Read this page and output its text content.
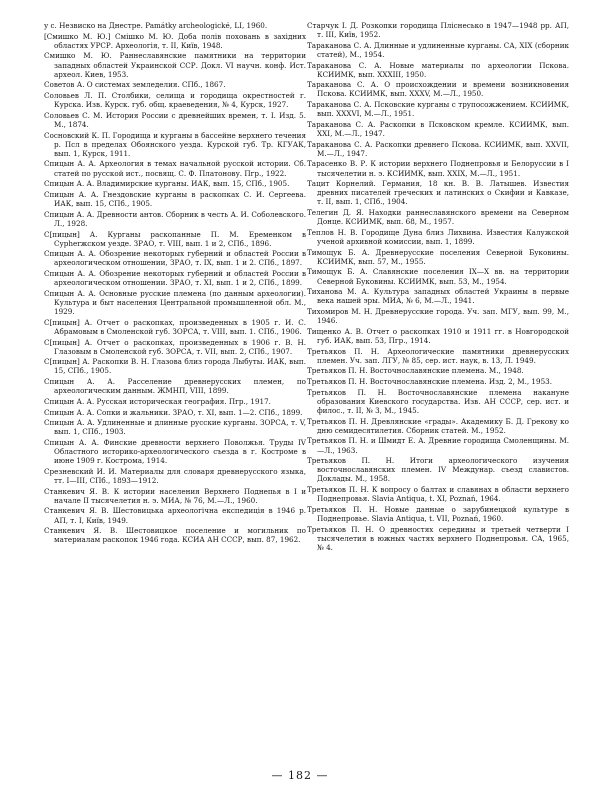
у с. Незвиско на Днестре. Památky archeologické, LI, 1960.

[Смишко М. Ю.] Смiшко М. Ю. Доба полiв поховань в захiдних областях УРСР. Археологiя, т. II, Київ, 1948.

Смишко М. Ю. Раннеславянские памятники на территории западных областей Украинской ССР. Докл. VI научн. конф. Ист. археол. Киев, 1953.

Советов А. О системах земледелия. СПб., 1867.

Соловьев Л. П. Столбики, селища и городища окрестностей г. Курска. Изв. Курск. губ. общ. краеведения, № 4, Курск, 1927.

Соловьев С. М. История России с древнейших времен, т. I. Изд. 5. М., 1874.

Сосновский К. П. Городища и курганы в бассейне верхнего течения р. Псл в пределах Обоянского уезда. Курской губ. Тр. КГУАК, вып. 1, Курск, 1911.

Спицын А. А. Археология в темах начальной русской истории. Сб. статей по русской ист., посвящ. С. Ф. Платонову. Пгр., 1922.

Спицын А. А. Владимирские курганы. ИАК, вып. 15, СПб., 1905.

Спицын А. А. Гнездовские курганы в раскопках С. И. Сергеева. ИАК, вып. 15, СПб., 1905.

Спицын А. А. Древности антов. Сборник в честь А. И. Соболевского. Л., 1928.

С[пицын] А. Курганы раскопанные П. М. Еременком в Сурherжском уезде. ЗРАО, т. VIII, вып. 1 и 2, СПб., 1896.

Спицын А. А. Обозрение некоторых губерний и областей России в археологическом отношении, ЗРАО, т. IX, вып. 1 и 2. СПб., 1897.

Спицын А. А. Обозрение некоторых губерний и областей России в археологическом отношении. ЗРАО, т. XI, вып. 1 и 2, СПб., 1899.

Спицын А. А. Основные русские племена (по данным археологии). Культура и быт населения Центральной промышленной обл. М., 1929.

С[пицын] А. Отчет о раскопках, произведенных в 1905 г. И. С. Абрамовым в Смоленской губ. ЗОРСА, т. VIII, вып. 1. СПб., 1906.

С[пицын] А. Отчет о раскопках, произведенных в 1906 г. В. Н. Глазовым в Смоленской губ. ЗОРСА, т. VII, вып. 2, СПб., 1907.

С[пицын] А. Раскопки В. Н. Глазова близ города Лыбуты. ИАК, вып. 15, СПб., 1905.

Спицын А. А. Расселение древнерусских племен, по археологическим данным. ЖМНП, VIII, 1899.

Спицын А. А. Русская историческая география. Пгр., 1917.

Спицын А. А. Сопки и жальники. ЗРАО, т. XI, вып. 1—2. СПб., 1899.

Спицын А. А. Удлиненные и длинные русские курганы. ЗОРСА, т. V, вып. 1, СПб., 1903.

Спицын А. А. Финские древности верхнего Поволжья. Труды IV Областного историко-археологического съезда в г. Костроме в июне 1909 г. Кострома, 1914.

Срезневский И. И. Материалы для словаря древнерусского языка, тт. I—III, СПб., 1893—1912.

Станкевич Я. В. К истории населения Верхнего Поднепья в I и начале II тысячелетия н. э. МИА, № 76, М.—Л., 1960.

Станкевич Я. В. Шестовицька археологiчна експедицiя в 1946 р. АП, т. I, Київ, 1949.

Станкевич Я. В. Шестовицкое поселение и могильник по материалам раскопок 1946 года. КСИА АН СССР, вып. 87, 1962.

Старчук I. Д. Розкопки городища Плiснесько в 1947—1948 рр. АП, т. III, Київ, 1952.

Тараканова С. А. Длинные и удлиненные курганы. СА, XIX (сборник статей), М., 1954.

Тараканова С. А. Новые материалы по археологии Пскова. КСИИМК, вып. XXXIII, 1950.

Тараканова С. А. О происхождении и времени возникновения Пскова. КСИИМК, вып. XXXV, М.—Л., 1950.

Тараканова С. А. Псковские курганы с трупосожжением. КСИИМК, вып. XXXVI, М.—Л., 1951.

Тараканова С. А. Раскопки в Псковском кремле. КСИИМК, вып. XXI, М.—Л., 1947.

Тараканова С. А. Раскопки древнего Пскова. КСИИМК, вып. XXVII, М.—Л., 1947.

Тарасенко В. Р. К истории верхнего Поднепровья и Белоруссии в I тысячелетии н. э. КСИИМК, вып. XXIX, М.—Л., 1951.

Тацит Корнелий. Германия, 18 кн. В. В. Латышев. Известия древних писателей греческих и латинских о Скифии и Кавказе, т. II, вып. 1, СПб., 1904.

Телегин Д. Я. Находки раннеславянского времени на Северном Донце. КСИИМК, вып. 68, М., 1957.

Теплов Н. В. Городище Дуна близ Лихвина. Известия Калужской ученой архивной комиссии, вып. 1, 1899.

Тимощук Б. А. Древнерусские поселения Северной Буковины. КСИИМК, вып. 57, М., 1955.

Тимощук Б. А. Славянские поселения IX—X вв. на территории Северной Буковины. КСИИМК, вып. 53, М., 1954.

Тиханова М. А. Культура западных областей Украины в первые века нашей эры. МИА, № 6, М.—Л., 1941.

Тихомиров М. Н. Древнерусские города. Уч. зап. МГУ, вып. 99, М., 1946.

Тищенко А. В. Отчет о раскопках 1910 и 1911 гг. в Новгородской губ. ИАК, вып. 53, Пгр., 1914.

Третьяков П. Н. Археологические памятники древнерусских племен. Уч. зап. ЛГУ, № 85, сер. ист. наук, в. 13, Л. 1949.

Третьяков П. Н. Восточнославянские племена. М., 1948.

Третьяков П. Н. Восточнославянские племена. Изд. 2, М., 1953.

Третьяков П. Н. Восточнославянские племена накануне образования Киевского государства. Изв. АН СССР, сер. ист. и филос., т. II, № 3, М., 1945.

Третьяков П. Н. Древлянские «грады». Академику Б. Д. Грекову ко дню семидесятилетия. Сборник статей. М., 1952.

Третьяков П. Н. и Шмидт Е. А. Древние городища Смоленщины. М.—Л., 1963.

Третьяков П. Н. Итоги археологического изучения восточнославянских племен. IV Междунар. съезд славистов. Доклады. М., 1958.

Третьяков П. Н. К вопросу о балтах и славянах в области верхнего Поднепровья. Slavia Antiqua, t. XI, Poznań, 1964.

Третьяков П. Н. Новые данные о зарубинецкой культуре в Поднепровье. Slavia Antiqua, t. VII, Poznań, 1960.

Третьяков П. Н. О древностях середины и третьей четверти I тысячелетия в южных частях верхнего Поднепровья. СА, 1965, № 4.

— 182 —
